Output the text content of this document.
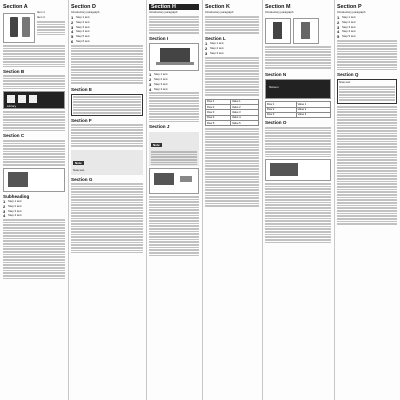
Section A
Item 1
Item 2
Section B
Library
Section C
Subheading
1 Step 1 text.
2 Step 2 text.
3 Step 3 text.
4 Step 4 text.
Section D
Introductory paragraph.
1 Step 1 text.
2 Step 2 text.
3 Step 3 text.
4 Step 4 text.
5 Step 5 text.
6 Step 6 text.
Section E
Section F
Note
Note text.
Section G
Section H
Introductory paragraph.
Section I
1 Step 1 text.
2 Step 2 text.
3 Step 3 text.
4 Step 4 text.
Section J
Note
Section K
Introductory paragraph.
Section L
1 Step 1 text.
2 Step 2 text.
3 Step 3 text.
Row 1	Value 1
Row 2	Value 2
Row 3	Value 3
Row 4	Value 4
Row 5	Value 5
Section M
Introductory paragraph.
Section N
Screen
Row 1	Value 1
Row 2	Value 2
Row 3	Value 3
Section O
Section P
Introductory paragraph.
1 Step 1 text.
2 Step 2 text.
3 Step 3 text.
4 Step 4 text.
5 Step 5 text.
Section Q
Note text.
